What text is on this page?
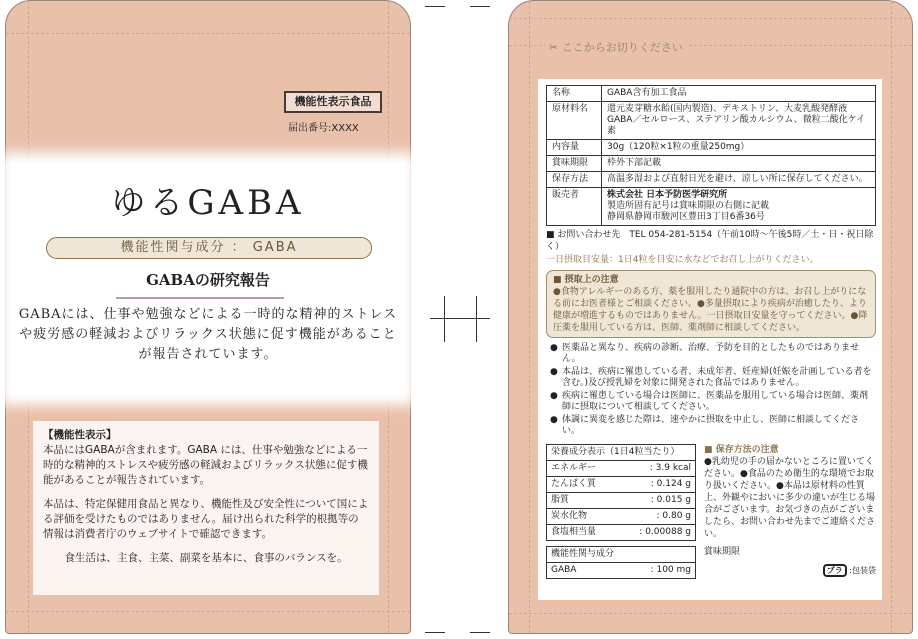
機能性表示食品
届出番号:XXXX
ゆるGABA
機能性関与成分 ： GABA
GABAの研究報告
GABAには、仕事や勉強などによる一時的な精神的ストレスや疲労感の軽減およびリラックス状態に促す機能があることが報告されています。
【機能性表示】

本品にはGABAが含まれます。GABA には、仕事や勉強などによる一時的な精神的ストレスや疲労感の軽減およびリラックス状態に促す機能があることが報告されています。

本品は、特定保健用食品と異なり、機能性及び安全性について国による評価を受けたものではありません。届け出られた科学的根拠等の情報は消費者庁のウェブサイトで確認できます。

食生活は、主食、主菜、副菜を基本に、食事のバランスを。

✂ ここからお切りください
名称	GABA含有加工食品
原材料名	還元麦芽糖水飴(国内製造)、デキストリン、大麦乳酸発酵液GABA／セルロース、ステアリン酸カルシウム、微粒二酸化ケイ素
内容量	30g（120粒×1粒の重量250mg）
賞味期限	枠外下部記載
保存方法	高温多湿および直射日光を避け、涼しい所に保存してください。
販売者	株式会社 日本予防医学研究所
製造所固有記号は賞味期限の右側に記載
静岡県静岡市駿河区豊田3丁目6番36号
■ お問い合わせ先　TEL 054-281-5154（午前10時～午後5時／土・日・祝日除く）
一日摂取目安量：1日4粒を目安に水などでお召し上がりください。
■ 摂取上の注意
●食物アレルギーのある方、薬を服用したり通院中の方は、お召し上がりになる前にお医者様とご相談ください。●多量摂取により疾病が治癒したり、より健康が増進するものではありません。一日摂取目安量を守ってください。●降圧薬を服用している方は、医師、薬剤師に相談してください。
● 医薬品と異なり、疾病の診断、治療、予防を目的としたものではありません。
● 本品は、疾病に罹患している者、未成年者、妊産婦(妊娠を計画している者を含む。)及び授乳婦を対象に開発された食品ではありません。
● 疾病に罹患している場合は医師に、医薬品を服用している場合は医師、薬剤師に摂取について相談してください。
● 体調に異変を感じた際は、速やかに摂取を中止し、医師に相談してください。
栄養成分表示（1日4粒当たり）	
エネルギー	: 3.9 kcal
たんぱく質	: 0.124 g
脂質	: 0.015 g
炭水化物	: 0.80 g
食塩相当量	: 0.00088 g
機能性関与成分
GABA	: 100 mg
■ 保存方法の注意
●乳幼児の手の届かないところに置いてください。●食品のため衛生的な環境でお取り扱いください。●本品は原材料の性質上、外観やにおいに多少の違いが生じる場合がございます。お気づきの点がございましたら、お問い合わせ先までご連絡ください。
賞味期限
プラ :包装袋
